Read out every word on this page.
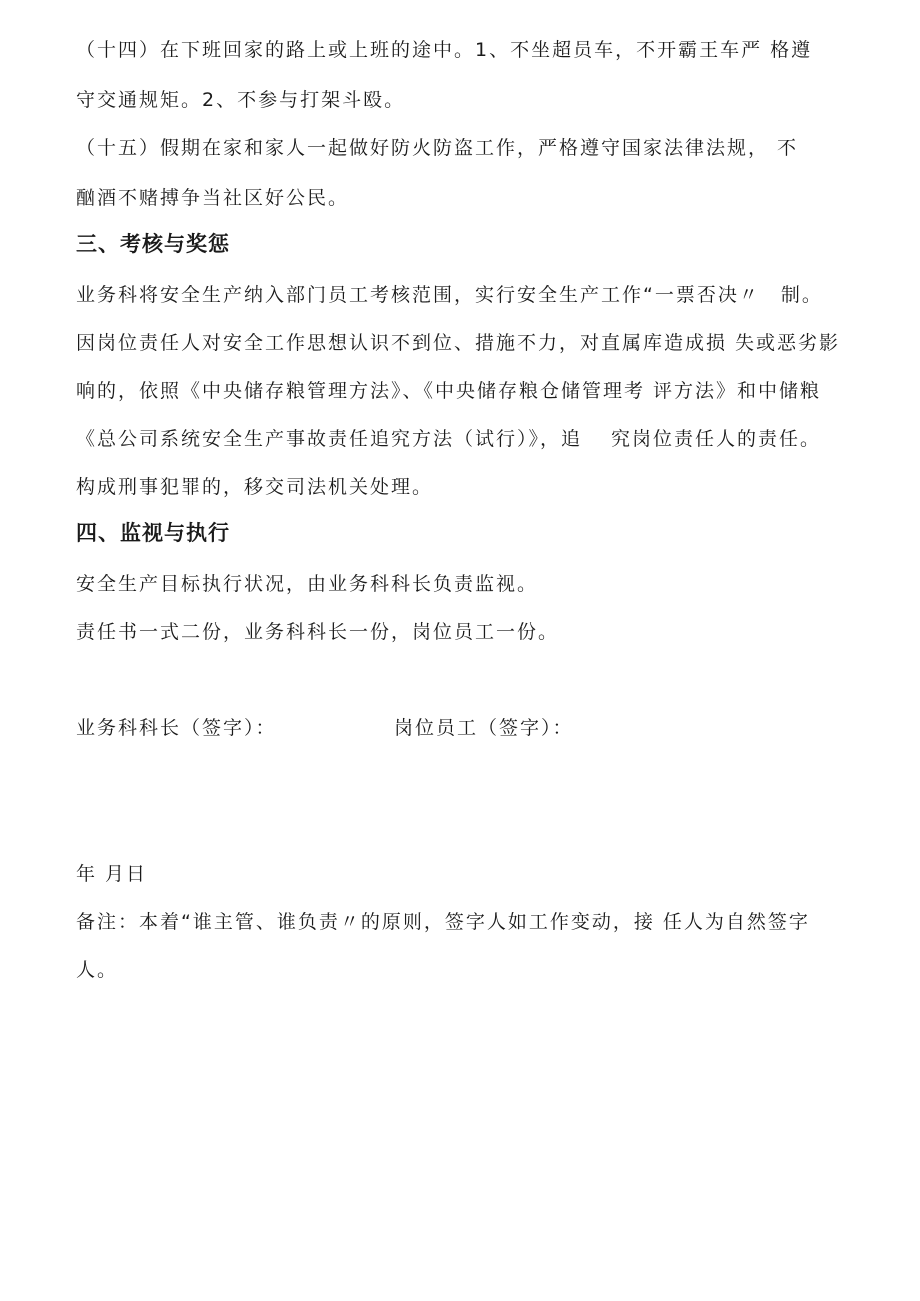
（十四）在下班回家的路上或上班的途中。1、不坐超员车，不开霸王车严 格遵
守交通规矩。2、不参与打架斗殴。
（十五）假期在家和家人一起做好防火防盗工作，严格遵守国家法律法规， 不
酗酒不赌搏争当社区好公民。
三、考核与奖惩
业务科将安全生产纳入部门员工考核范围，实行安全生产工作“一票否决〃　制。
因岗位责任人对安全工作思想认识不到位、措施不力，对直属库造成损 失或恶劣影
响的，依照《中央储存粮管理方法》、《中央储存粮仓储管理考 评方法》和中储粮
《总公司系统安全生产事故责任追究方法（试行）》，追　 究岗位责任人的责任。
构成刑事犯罪的，移交司法机关处理。
四、监视与执行
安全生产目标执行状况，由业务科科长负责监视。
责任书一式二份，业务科科长一份，岗位员工一份。
业务科科长（签字）：	岗位员工（签字）：
年 月日
备注：本着“谁主管、谁负责〃的原则，签字人如工作变动，接 任人为自然签字
人。
